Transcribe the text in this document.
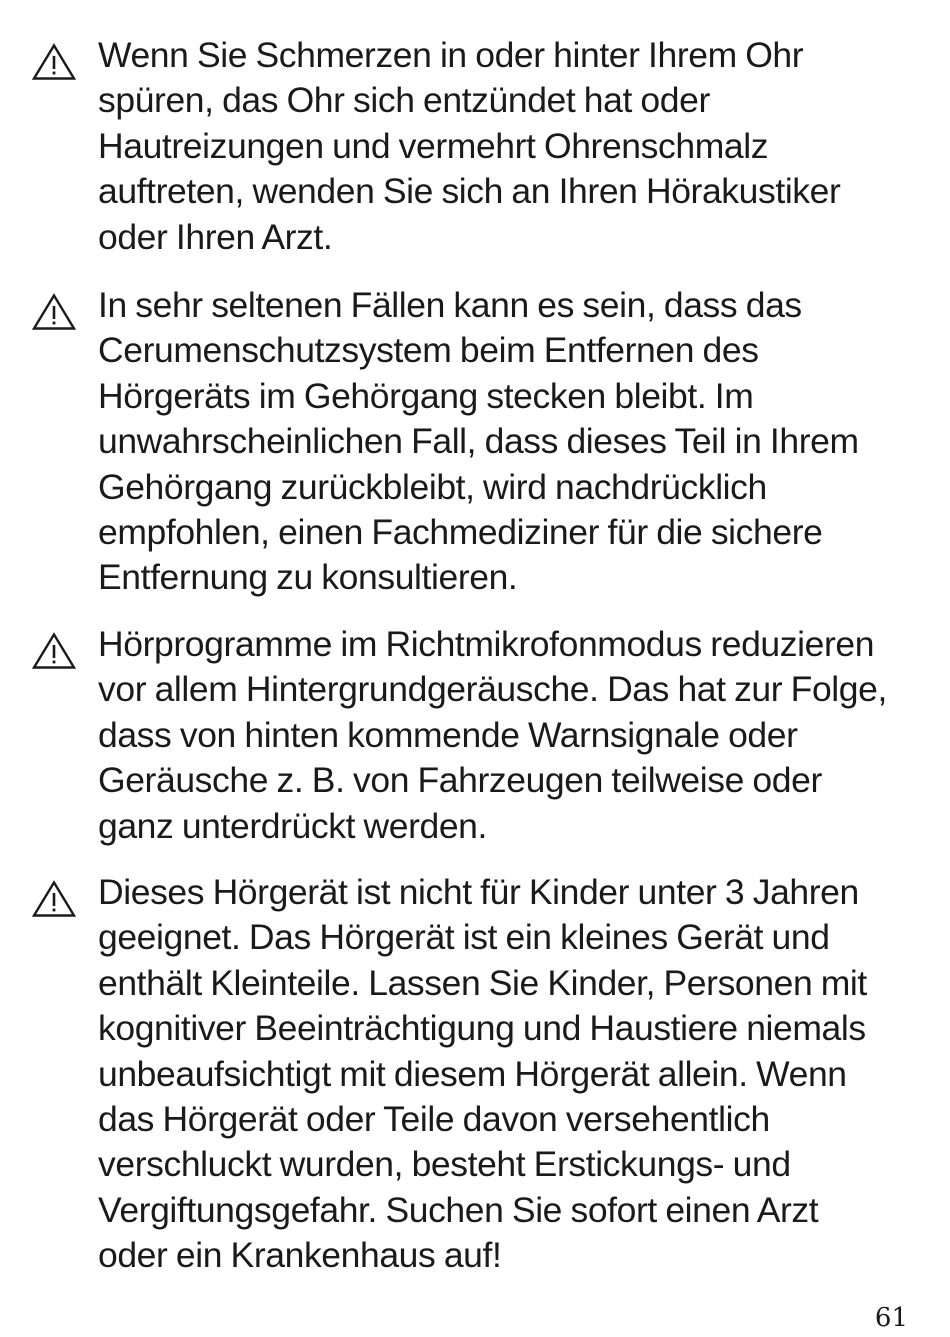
Wenn Sie Schmerzen in oder hinter Ihrem Ohr
spüren, das Ohr sich entzündet hat oder
Hautreizungen und vermehrt Ohrenschmalz
auftreten, wenden Sie sich an Ihren Hörakustiker
oder Ihren Arzt.

In sehr seltenen Fällen kann es sein, dass das
Cerumenschutzsystem beim Entfernen des
Hörgeräts im Gehörgang stecken bleibt. Im
unwahrscheinlichen Fall, dass dieses Teil in Ihrem
Gehörgang zurückbleibt, wird nachdrücklich
empfohlen, einen Fachmediziner für die sichere
Entfernung zu konsultieren.

Hörprogramme im Richtmikrofonmodus reduzieren
vor allem Hintergrundgeräusche. Das hat zur Folge,
dass von hinten kommende Warnsignale oder
Geräusche z. B. von Fahrzeugen teilweise oder
ganz unterdrückt werden.

Dieses Hörgerät ist nicht für Kinder unter 3 Jahren
geeignet. Das Hörgerät ist ein kleines Gerät und
enthält Kleinteile. Lassen Sie Kinder, Personen mit
kognitiver Beeinträchtigung und Haustiere niemals
unbeaufsichtigt mit diesem Hörgerät allein. Wenn
das Hörgerät oder Teile davon versehentlich
verschluckt wurden, besteht Erstickungs- und
Vergiftungsgefahr. Suchen Sie sofort einen Arzt
oder ein Krankenhaus auf!

61
